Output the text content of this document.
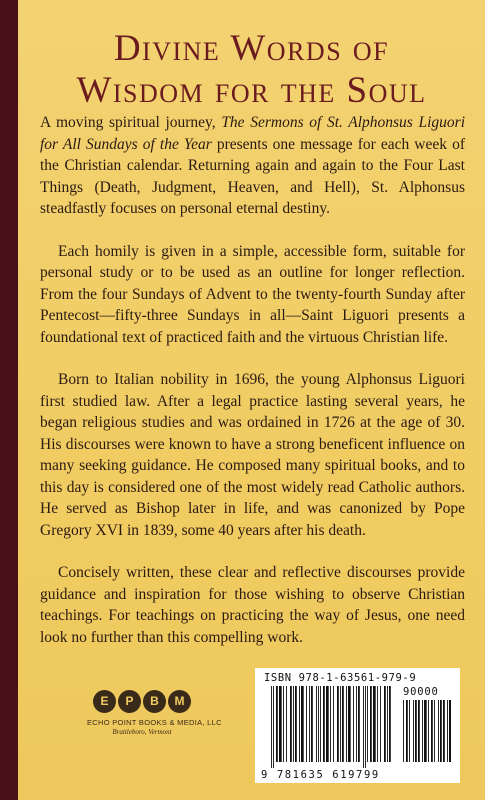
Divine Words of
Wisdom for the Soul

A moving spiritual journey, The Sermons of St. Alphonsus Liguori for All Sundays of the Year presents one message for each week of the Christian calendar. Returning again and again to the Four Last Things (Death, Judgment, Heaven, and Hell), St. Alphonsus steadfastly focuses on personal eternal destiny.

Each homily is given in a simple, accessible form, suitable for personal study or to be used as an outline for longer reflection. From the four Sundays of Advent to the twenty-fourth Sunday after Pentecost—fifty-three Sundays in all—Saint Liguori presents a foundational text of practiced faith and the virtuous Christian life.

Born to Italian nobility in 1696, the young Alphonsus Liguori first studied law. After a legal practice lasting several years, he began religious studies and was ordained in 1726 at the age of 30. His discourses were known to have a strong beneficent influence on many seeking guidance. He composed many spiritual books, and to this day is considered one of the most widely read Catholic authors. He served as Bishop later in life, and was canonized by Pope Gregory XVI in 1839, some 40 years after his death.

Concisely written, these clear and reflective discourses provide guidance and inspiration for those wishing to observe Christian teachings. For teachings on practicing the way of Jesus, one need look no further than this compelling work.

E	P	B	M
ECHO POINT BOOKS & MEDIA, LLC
Brattleboro, Vermont
ISBN 978-1-63561-979-9
90000
9 781635 619799
